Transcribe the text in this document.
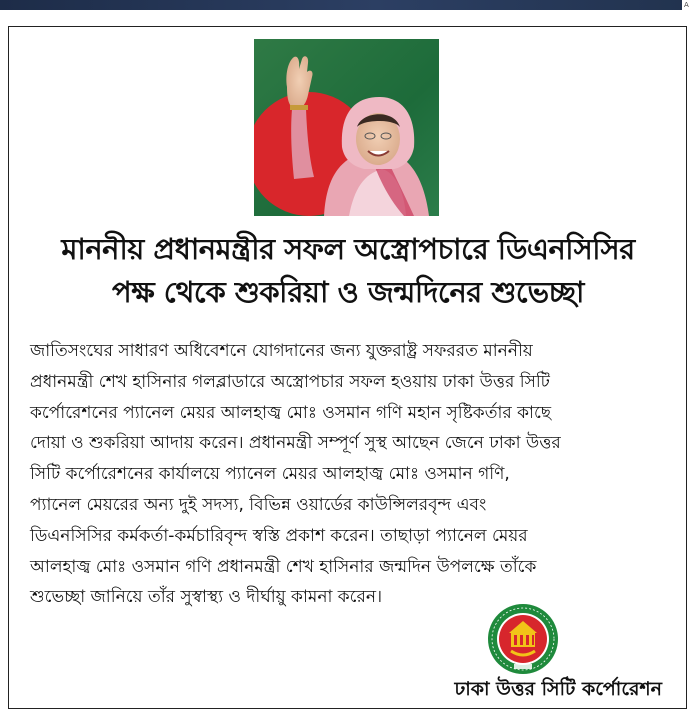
A
মাননীয় প্রধানমন্ত্রীর সফল অস্ত্রোপচারে ডিএনসিসির
পক্ষ থেকে শুকরিয়া ও জন্মদিনের শুভেচ্ছা
জাতিসংঘের সাধারণ অধিবেশনে যোগদানের জন্য যুক্তরাষ্ট্র সফররত মাননীয়
প্রধানমন্ত্রী শেখ হাসিনার গলব্লাডারে অস্ত্রোপচার সফল হওয়ায় ঢাকা উত্তর সিটি
কর্পোরেশনের প্যানেল মেয়র আলহাজ্ব মোঃ ওসমান গণি মহান সৃষ্টিকর্তার কাছে
দোয়া ও শুকরিয়া আদায় করেন। প্রধানমন্ত্রী সম্পূর্ণ সুস্থ আছেন জেনে ঢাকা উত্তর
সিটি কর্পোরেশনের কার্যালয়ে প্যানেল মেয়র আলহাজ্ব মোঃ ওসমান গণি,
প্যানেল মেয়রের অন্য দুই সদস্য, বিভিন্ন ওয়ার্ডের কাউন্সিলরবৃন্দ এবং
ডিএনসিসির কর্মকর্তা-কর্মচারিবৃন্দ স্বস্তি প্রকাশ করেন। তাছাড়া প্যানেল মেয়র
আলহাজ্ব মোঃ ওসমান গণি প্রধানমন্ত্রী শেখ হাসিনার জন্মদিন উপলক্ষে তাঁকে
শুভেচ্ছা জানিয়ে তাঁর সুস্বাস্থ্য ও দীর্ঘায়ু কামনা করেন।
ঢাকা উত্তর সিটি কর্পোরেশন
